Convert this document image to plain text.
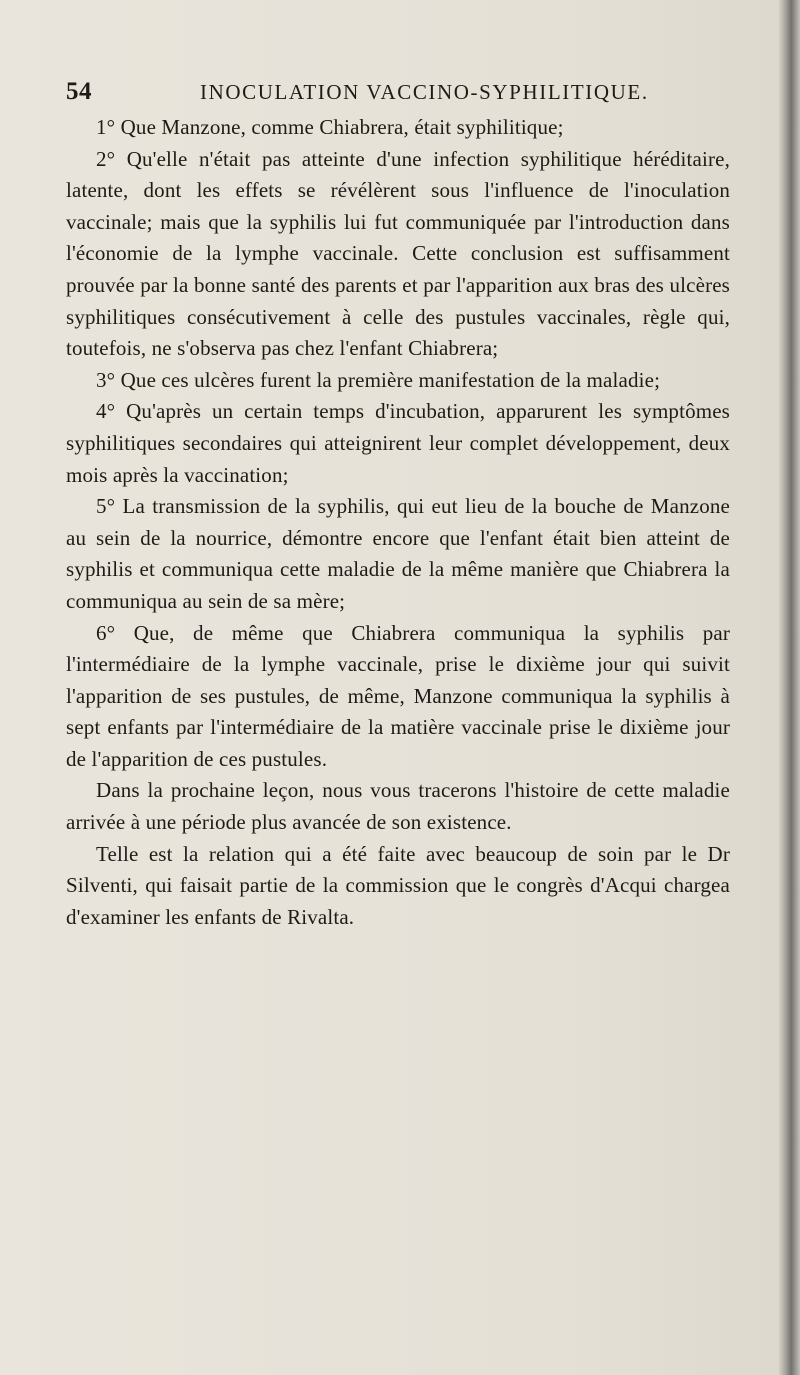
54	INOCULATION VACCINO-SYPHILITIQUE.

1° Que Manzone, comme Chiabrera, était syphilitique;

2° Qu'elle n'était pas atteinte d'une infection syphilitique héréditaire, latente, dont les effets se révélèrent sous l'influence de l'inoculation vaccinale; mais que la syphilis lui fut communiquée par l'introduction dans l'économie de la lymphe vaccinale. Cette conclusion est suffisamment prouvée par la bonne santé des parents et par l'apparition aux bras des ulcères syphilitiques consécutivement à celle des pustules vaccinales, règle qui, toutefois, ne s'observa pas chez l'enfant Chiabrera;

3° Que ces ulcères furent la première manifestation de la maladie;

4° Qu'après un certain temps d'incubation, apparurent les symptômes syphilitiques secondaires qui atteignirent leur complet développement, deux mois après la vaccination;

5° La transmission de la syphilis, qui eut lieu de la bouche de Manzone au sein de la nourrice, démontre encore que l'enfant était bien atteint de syphilis et communiqua cette maladie de la même manière que Chiabrera la communiqua au sein de sa mère;

6° Que, de même que Chiabrera communiqua la syphilis par l'intermédiaire de la lymphe vaccinale, prise le dixième jour qui suivit l'apparition de ses pustules, de même, Manzone communiqua la syphilis à sept enfants par l'intermédiaire de la matière vaccinale prise le dixième jour de l'apparition de ces pustules.

Dans la prochaine leçon, nous vous tracerons l'histoire de cette maladie arrivée à une période plus avancée de son existence.

Telle est la relation qui a été faite avec beaucoup de soin par le Dr Silventi, qui faisait partie de la commission que le congrès d'Acqui chargea d'examiner les enfants de Rivalta.
